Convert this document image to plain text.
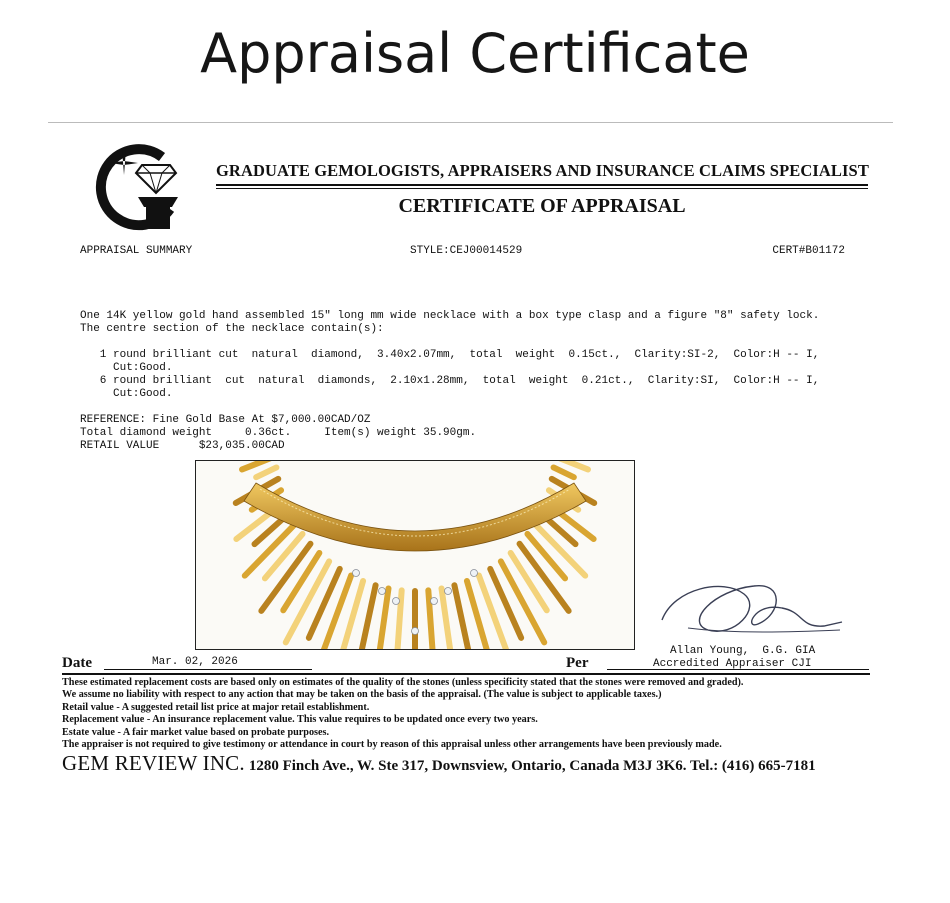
Appraisal Certificate
GRADUATE GEMOLOGISTS, APPRAISERS AND INSURANCE CLAIMS SPECIALIST
CERTIFICATE OF APPRAISAL
APPRAISAL SUMMARY	STYLE:CEJ00014529	CERT#B01172

One 14K yellow gold hand assembled 15" long mm wide necklace with a box type clasp and a figure "8" safety lock.
The centre section of the necklace contain(s):

1 round brilliant cut  natural  diamond,  3.40x2.07mm,  total  weight  0.15ct.,  Clarity:SI-2,  Color:H -- I,
Cut:Good.
6 round brilliant  cut  natural  diamonds,  2.10x1.28mm,  total  weight  0.21ct.,  Clarity:SI,  Color:H -- I,
Cut:Good.

REFERENCE: Fine Gold Base At $7,000.00CAD/OZ
Total diamond weight     0.36ct.     Item(s) weight 35.90gm.
RETAIL VALUE      $23,035.00CAD
Date	Mar. 02, 2026
Allan Young,  G.G. GIA
Accredited Appraiser CJI
Per
These estimated replacement costs are based only on estimates of the quality of the stones (unless specificity stated that the stones were removed and graded).
We assume no liability with respect to any action that may be taken on the basis of the appraisal. (The value is subject to applicable taxes.)
Retail value - A suggested retail list price at major retail establishment.
Replacement value - An insurance replacement value. This value requires to be updated once every two years.
Estate value - A fair market value based on probate purposes.
The appraiser is not required to give testimony or attendance in court by reason of this appraisal unless other arrangements have been previously made.
GEM REVIEW INC. 1280 Finch Ave., W. Ste 317, Downsview, Ontario, Canada M3J 3K6. Tel.: (416) 665-7181
